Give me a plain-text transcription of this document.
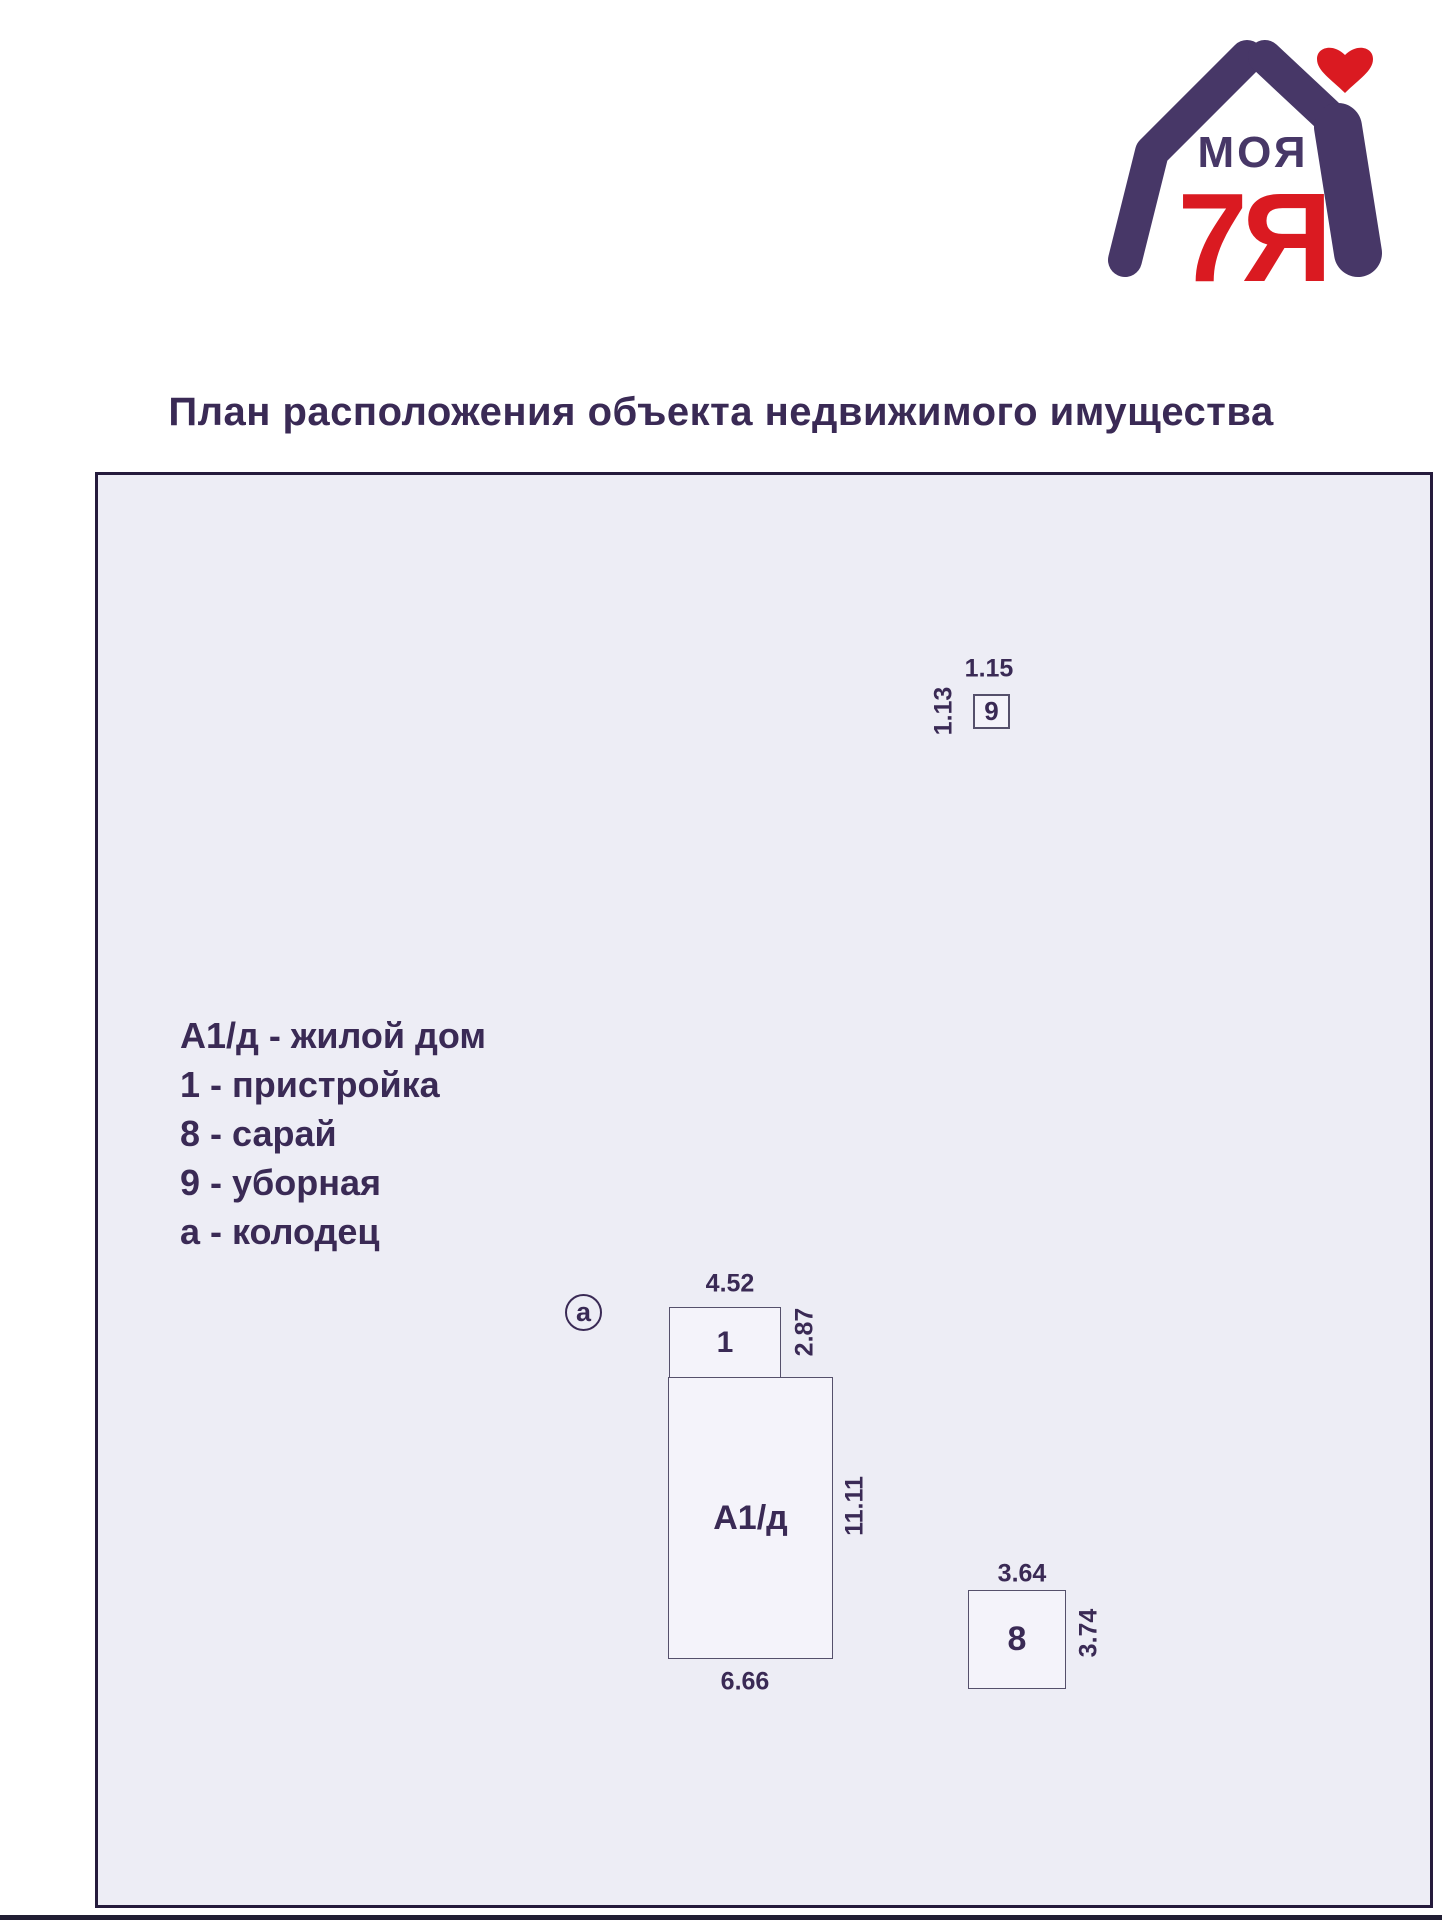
МОЯ
7Я
План расположения объекта недвижимого имущества
А1/д - жилой дом
1 - пристройка
8 - сарай
9 - уборная
а - колодец
9
1.15
1.13
а
1
4.52
2.87
А1/д	11.11
6.66
8
3.64
3.74
